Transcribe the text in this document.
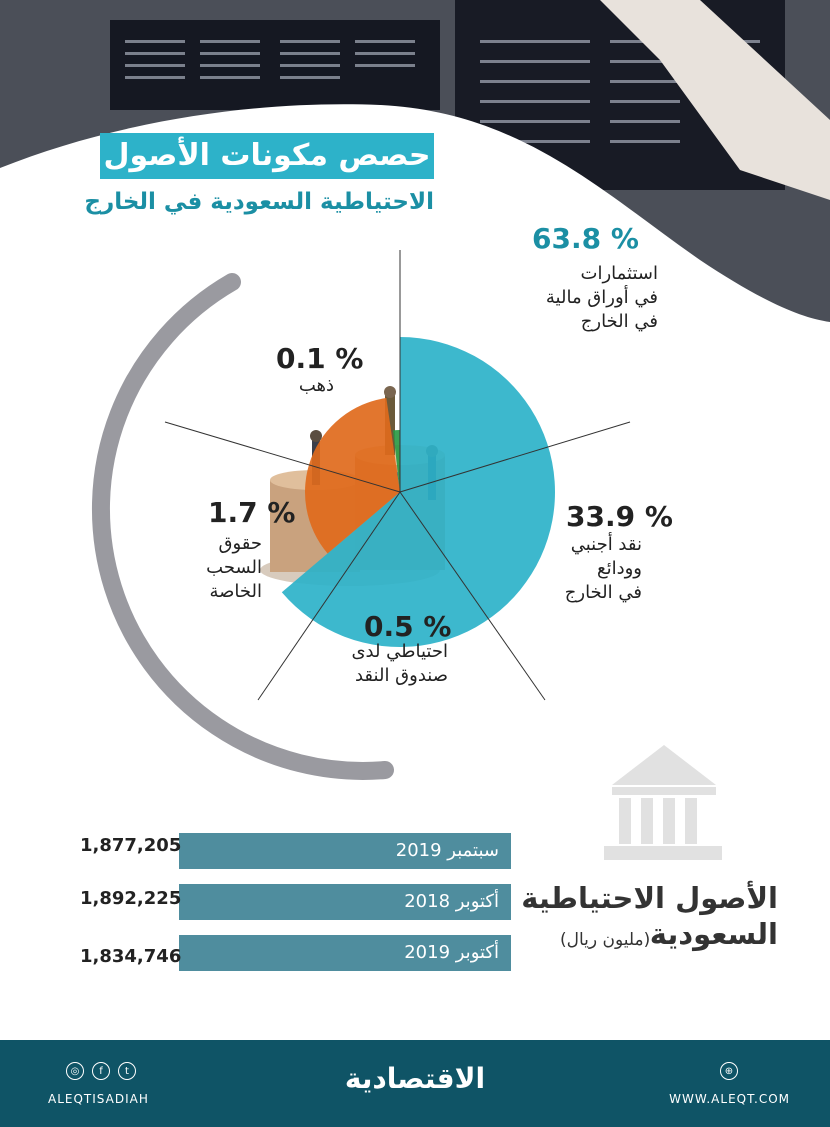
حصص مكونات الأصول
الاحتياطية السعودية في الخارج
63.8 %
استثمارات
في أوراق مالية
في الخارج
33.9 %
نقد أجنبي
وودائع
في الخارج
0.5 %
احتياطي لدى
صندوق النقد
1.7 %
حقوق
السحب
الخاصة
0.1 %
ذهب
سبتمبر 2019
1,877,205
أكتوبر 2018
1,892,225
أكتوبر 2019
1,834,746
الأصول الاحتياطية
السعودية
(مليون ريال)
◎	f	t
ALEQTISADIAH
الاقتصادية	⊕
WWW.ALEQT.COM
